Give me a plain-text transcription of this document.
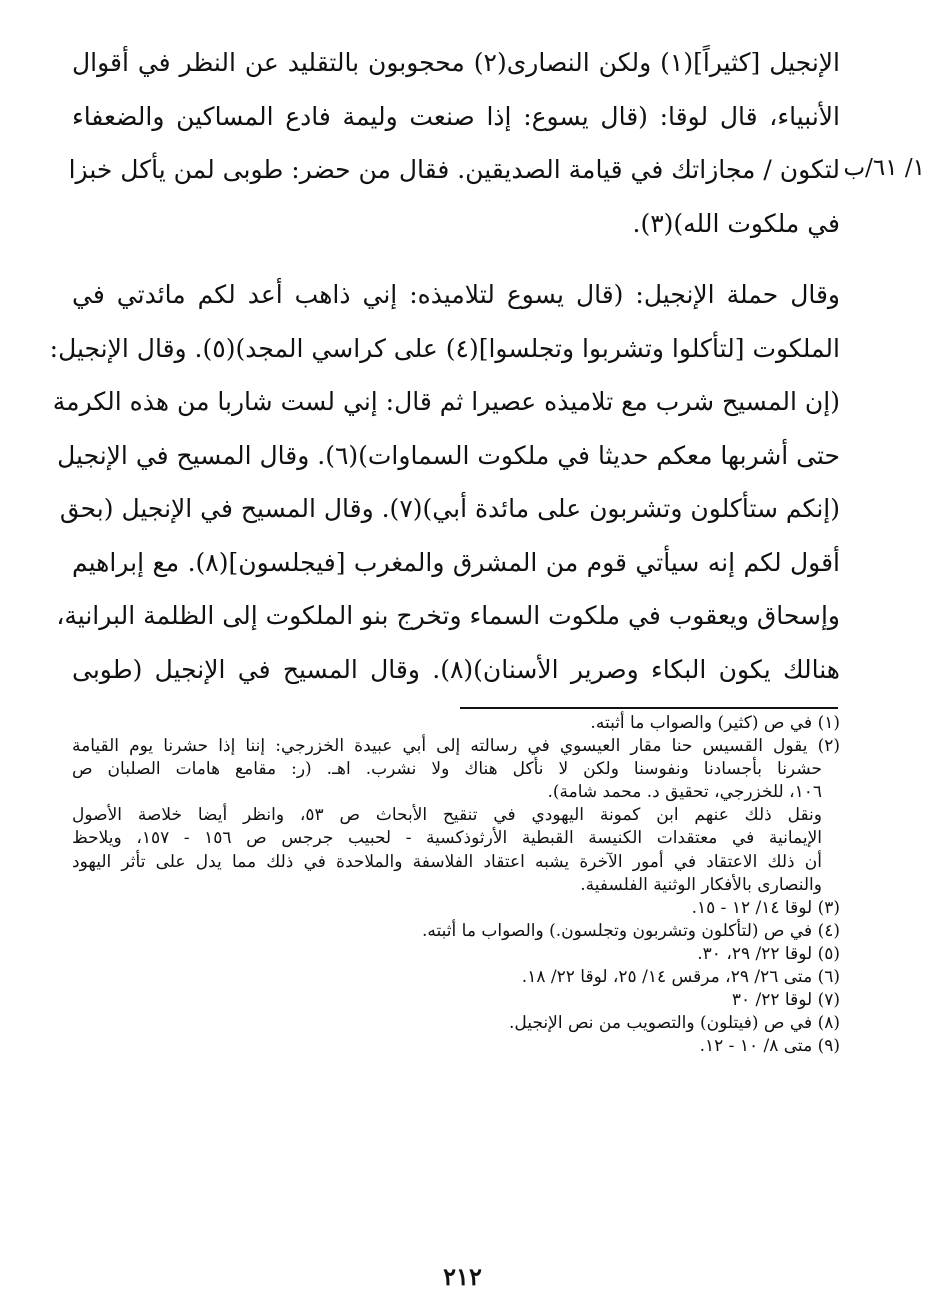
١/ ٦١/ب
الإنجيل [كثيراً](١) ولكن النصارى(٢) محجوبون بالتقليد عن النظر في أقوال
الأنبياء، قال لوقا: (قال يسوع: إذا صنعت وليمة فادع المساكين والضعفاء
لتكون / مجازاتك في قيامة الصديقين. فقال من حضر: طوبى لمن يأكل خبزا
في ملكوت الله)(٣).
وقال حملة الإنجيل: (قال يسوع لتلاميذه: إني ذاهب أعد لكم مائدتي في
الملكوت [لتأكلوا وتشربوا وتجلسوا](٤) على كراسي المجد)(٥). وقال الإنجيل:
(إن المسيح شرب مع تلاميذه عصيرا ثم قال: إني لست شاربا من هذه الكرمة
حتى أشربها معكم حديثا في ملكوت السماوات)(٦). وقال المسيح في الإنجيل
(إنكم ستأكلون وتشربون على مائدة أبي)(٧). وقال المسيح في الإنجيل (بحق
أقول لكم إنه سيأتي قوم من المشرق والمغرب [فيجلسون](٨). مع إبراهيم
وإسحاق ويعقوب في ملكوت السماء وتخرج بنو الملكوت إلى الظلمة البرانية،
هنالك يكون البكاء وصرير الأسنان)(٨). وقال المسيح في الإنجيل (طوبى
(١) في ص (كثير) والصواب ما أثبته.
(٢) يقول القسيس حنا مقار العيسوي في رسالته إلى أبي عبيدة الخزرجي: إننا إذا حشرنا يوم القيامة
حشرنا بأجسادنا ونفوسنا ولكن لا نأكل هناك ولا نشرب. اهـ. (ر: مقامع هامات الصلبان ص
١٠٦، للخزرجي، تحقيق د. محمد شامة).
ونقل ذلك عنهم ابن كمونة اليهودي في تنقيح الأبحاث ص ٥٣، وانظر أيضا خلاصة الأصول
الإيمانية في معتقدات الكنيسة القبطية الأرثوذكسية - لحبيب جرجس ص ١٥٦ - ١٥٧، ويلاحظ
أن ذلك الاعتقاد في أمور الآخرة يشبه اعتقاد الفلاسفة والملاحدة في ذلك مما يدل على تأثر اليهود
والنصارى بالأفكار الوثنية الفلسفية.
(٣) لوقا ١٤/ ١٢ - ١٥.
(٤) في ص (لتأكلون وتشربون وتجلسون.) والصواب ما أثبته.
(٥) لوقا ٢٢/ ٢٩، ٣٠.
(٦) متى ٢٦/ ٢٩، مرقس ١٤/ ٢٥، لوقا ٢٢/ ١٨.
(٧) لوقا ٢٢/ ٣٠
(٨) في ص (فيتلون) والتصويب من نص الإنجيل.
(٩) متى ٨/ ١٠ - ١٢.
٢١٢
